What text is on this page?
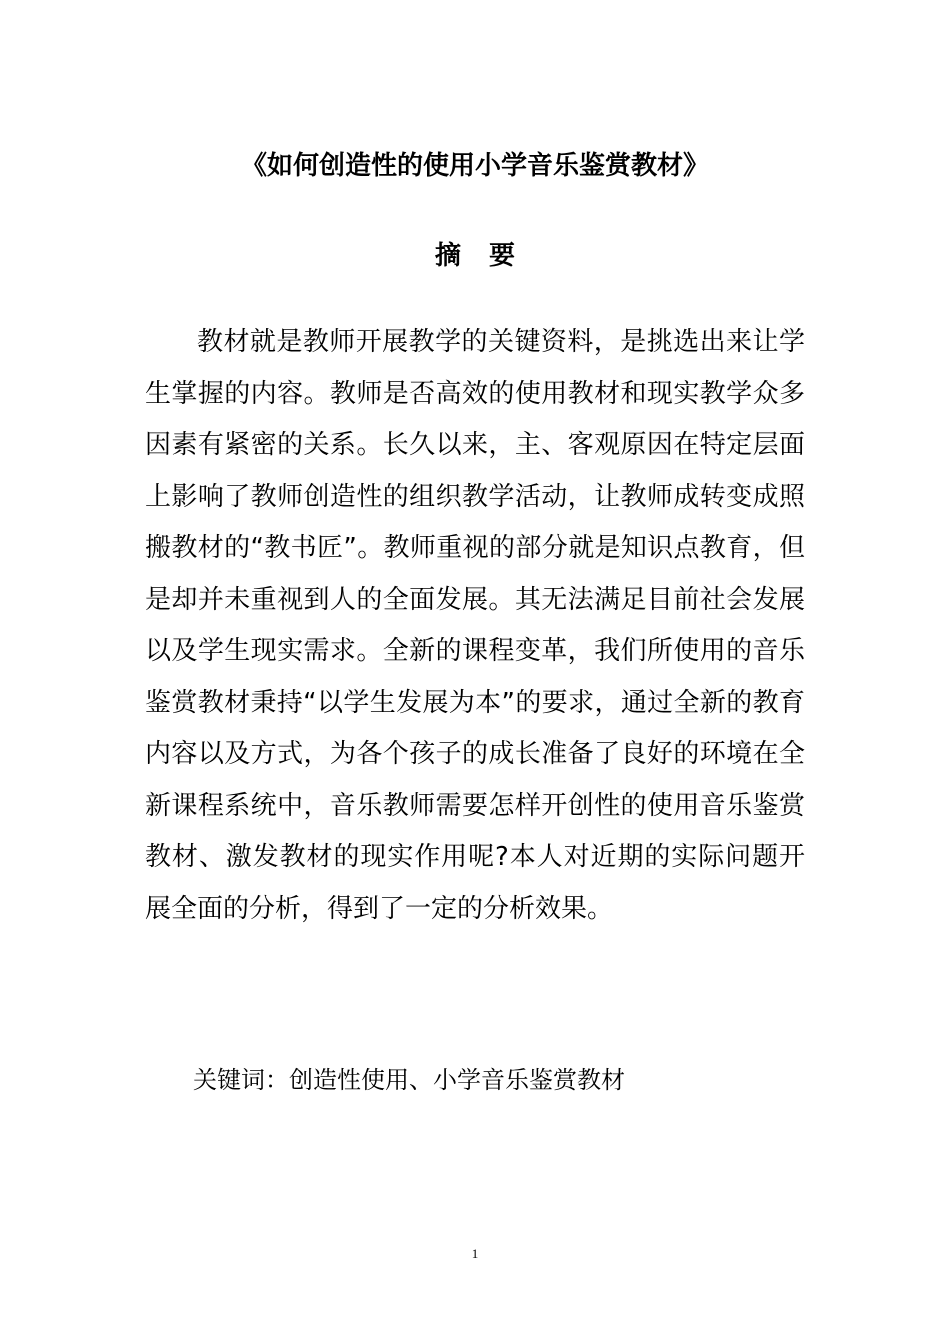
《如何创造性的使用小学音乐鉴赏教材》
摘要

教材就是教师开展教学的关键资料，是挑选出来让学生掌握的内容。教师是否高效的使用教材和现实教学众多因素有紧密的关系。长久以来，主、客观原因在特定层面上影响了教师创造性的组织教学活动，让教师成转变成照搬教材的“教书匠”。教师重视的部分就是知识点教育，但是却并未重视到人的全面发展。其无法满足目前社会发展以及学生现实需求。全新的课程变革，我们所使用的音乐鉴赏教材秉持“以学生发展为本”的要求，通过全新的教育内容以及方式，为各个孩子的成长准备了良好的环境在全新课程系统中，音乐教师需要怎样开创性的使用音乐鉴赏教材、激发教材的现实作用呢?本人对近期的实际问题开展全面的分析，得到了一定的分析效果。

关键词：创造性使用、小学音乐鉴赏教材
1
